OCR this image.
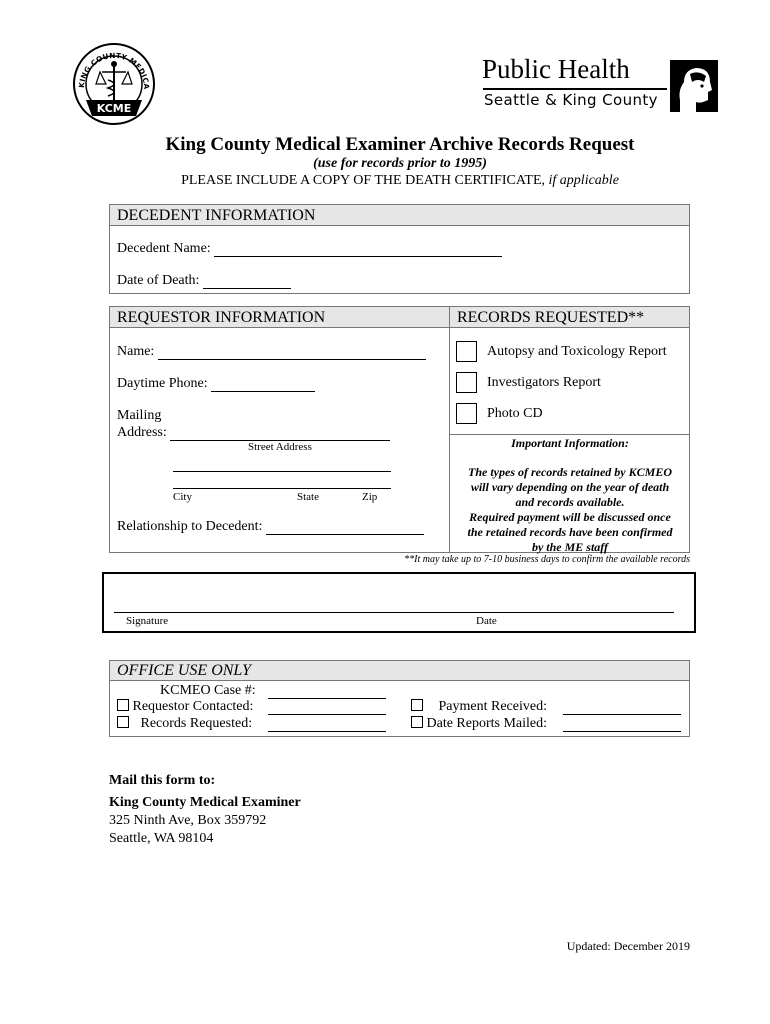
KING COUNTY MEDICA
KCME
Public Health
Seattle & King County
King County Medical Examiner Archive Records Request
(use for records prior to 1995)
PLEASE INCLUDE A COPY OF THE DEATH CERTIFICATE, if applicable
DECEDENT INFORMATION
Decedent Name:
Date of Death:
REQUESTOR INFORMATION	RECORDS REQUESTED**
Name:
Daytime Phone:
Mailing
Address:
Street Address
City	State	Zip
Relationship to Decedent:
Autopsy and Toxicology Report
Investigators Report
Photo CD
Important Information:
The types of records retained by KCMEO
will vary depending on the year of death
and records available.
Required payment will be discussed once
the retained records have been confirmed
by the ME staff
**It may take up to 7-10 business days to confirm the available records
Signature	Date
OFFICE USE ONLY
KCMEO Case #:
Requestor Contacted:
Records Requested:
Payment Received:
Date Reports Mailed:
Mail this form to:
King County Medical Examiner
325 Ninth Ave, Box 359792
Seattle, WA 98104
Updated: December 2019
